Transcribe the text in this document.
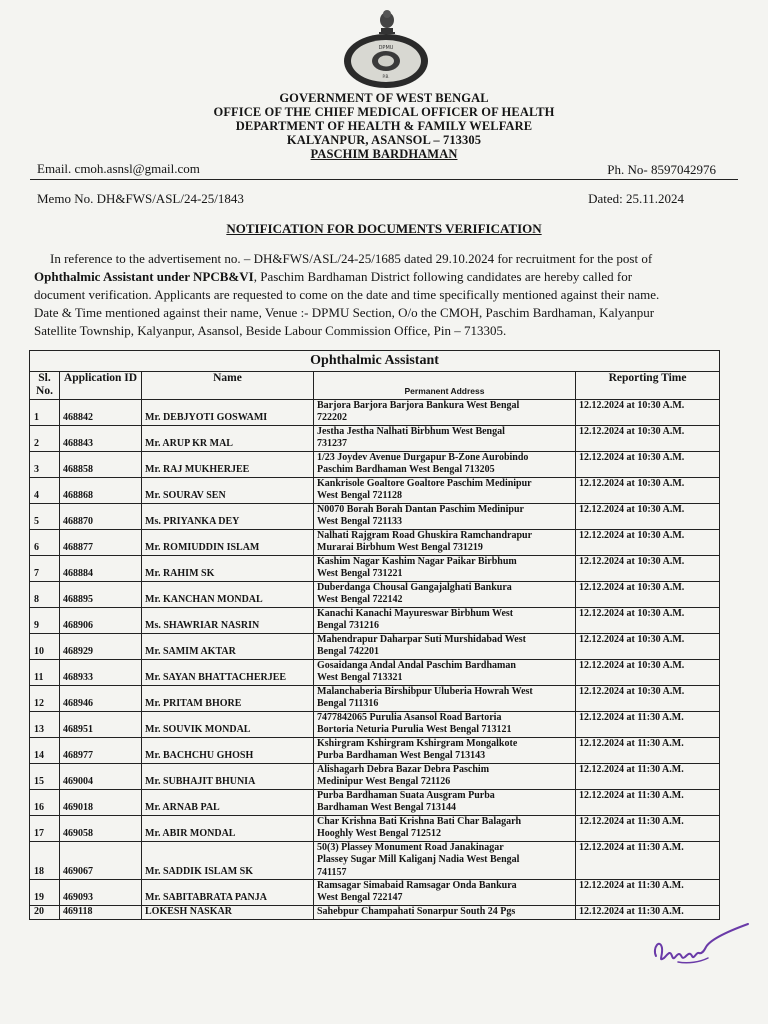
DPMU
P.B.
GOVERNMENT OF WEST BENGAL
OFFICE OF THE CHIEF MEDICAL OFFICER OF HEALTH
DEPARTMENT OF HEALTH & FAMILY WELFARE
KALYANPUR, ASANSOL – 713305
PASCHIM BARDHAMAN
Email. cmoh.asnsl@gmail.com	Ph. No- 8597042976
Memo No. DH&FWS/ASL/24-25/1843	Dated: 25.11.2024
NOTIFICATION FOR DOCUMENTS VERIFICATION
In reference to the advertisement no. – DH&FWS/ASL/24-25/1685 dated 29.10.2024 for recruitment for the post of
Ophthalmic Assistant under NPCB&VI, Paschim Bardhaman District following candidates are hereby called for
document verification. Applicants are requested to come on the date and time specifically mentioned against their name.
Date & Time mentioned against their name, Venue :- DPMU Section, O/o the CMOH, Paschim Bardhaman, Kalyanpur
Satellite Township, Kalyanpur, Asansol, Beside Labour Commission Office, Pin – 713305.
Ophthalmic Assistant				
Sl. No.	Application ID	Name	Permanent Address	Reporting Time
1	468842	Mr. DEBJYOTI GOSWAMI	Barjora Barjora Barjora Bankura West Bengal
722202	12.12.2024 at 10:30 A.M.
2	468843	Mr. ARUP KR MAL	Jestha Jestha Nalhati Birbhum West Bengal
731237	12.12.2024 at 10:30 A.M.
3	468858	Mr. RAJ MUKHERJEE	1/23 Joydev Avenue Durgapur B-Zone Aurobindo
Paschim Bardhaman West Bengal 713205	12.12.2024 at 10:30 A.M.
4	468868	Mr. SOURAV SEN	Kankrisole Goaltore Goaltore Paschim Medinipur
West Bengal 721128	12.12.2024 at 10:30 A.M.
5	468870	Ms. PRIYANKA DEY	N0070 Borah Borah Dantan Paschim Medinipur
West Bengal 721133	12.12.2024 at 10:30 A.M.
6	468877	Mr. ROMIUDDIN ISLAM	Nalhati Rajgram Road Ghuskira Ramchandrapur
Murarai Birbhum West Bengal 731219	12.12.2024 at 10:30 A.M.
7	468884	Mr. RAHIM SK	Kashim Nagar Kashim Nagar Paikar Birbhum
West Bengal 731221	12.12.2024 at 10:30 A.M.
8	468895	Mr. KANCHAN MONDAL	Duberdanga Chousal Gangajalghati Bankura
West Bengal 722142	12.12.2024 at 10:30 A.M.
9	468906	Ms. SHAWRIAR NASRIN	Kanachi Kanachi Mayureswar Birbhum West
Bengal 731216	12.12.2024 at 10:30 A.M.
10	468929	Mr. SAMIM AKTAR	Mahendrapur Daharpar Suti Murshidabad West
Bengal 742201	12.12.2024 at 10:30 A.M.
11	468933	Mr. SAYAN BHATTACHERJEE	Gosaidanga Andal Andal Paschim Bardhaman
West Bengal 713321	12.12.2024 at 10:30 A.M.
12	468946	Mr. PRITAM BHORE	Malanchaberia Birshibpur Uluberia Howrah West
Bengal 711316	12.12.2024 at 10:30 A.M.
13	468951	Mr. SOUVIK MONDAL	7477842065 Purulia Asansol Road Bartoria
Bortoria Neturia Purulia West Bengal 713121	12.12.2024 at 11:30 A.M.
14	468977	Mr. BACHCHU GHOSH	Kshirgram Kshirgram Kshirgram Mongalkote
Purba Bardhaman West Bengal 713143	12.12.2024 at 11:30 A.M.
15	469004	Mr. SUBHAJIT BHUNIA	Alishagarh Debra Bazar Debra Paschim
Medinipur West Bengal 721126	12.12.2024 at 11:30 A.M.
16	469018	Mr. ARNAB PAL	Purba Bardhaman Suata Ausgram Purba
Bardhaman West Bengal 713144	12.12.2024 at 11:30 A.M.
17	469058	Mr. ABIR MONDAL	Char Krishna Bati Krishna Bati Char Balagarh
Hooghly West Bengal 712512	12.12.2024 at 11:30 A.M.
18	469067	Mr. SADDIK ISLAM SK	50(3) Plassey Monument Road Janakinagar
Plassey Sugar Mill Kaliganj Nadia West Bengal
741157	12.12.2024 at 11:30 A.M.
19	469093	Mr. SABITABRATA PANJA	Ramsagar Simabaid Ramsagar Onda Bankura
West Bengal 722147	12.12.2024 at 11:30 A.M.
20	469118	LOKESH NASKAR	Sahebpur Champahati Sonarpur South 24 Pgs	12.12.2024 at 11:30 A.M.
